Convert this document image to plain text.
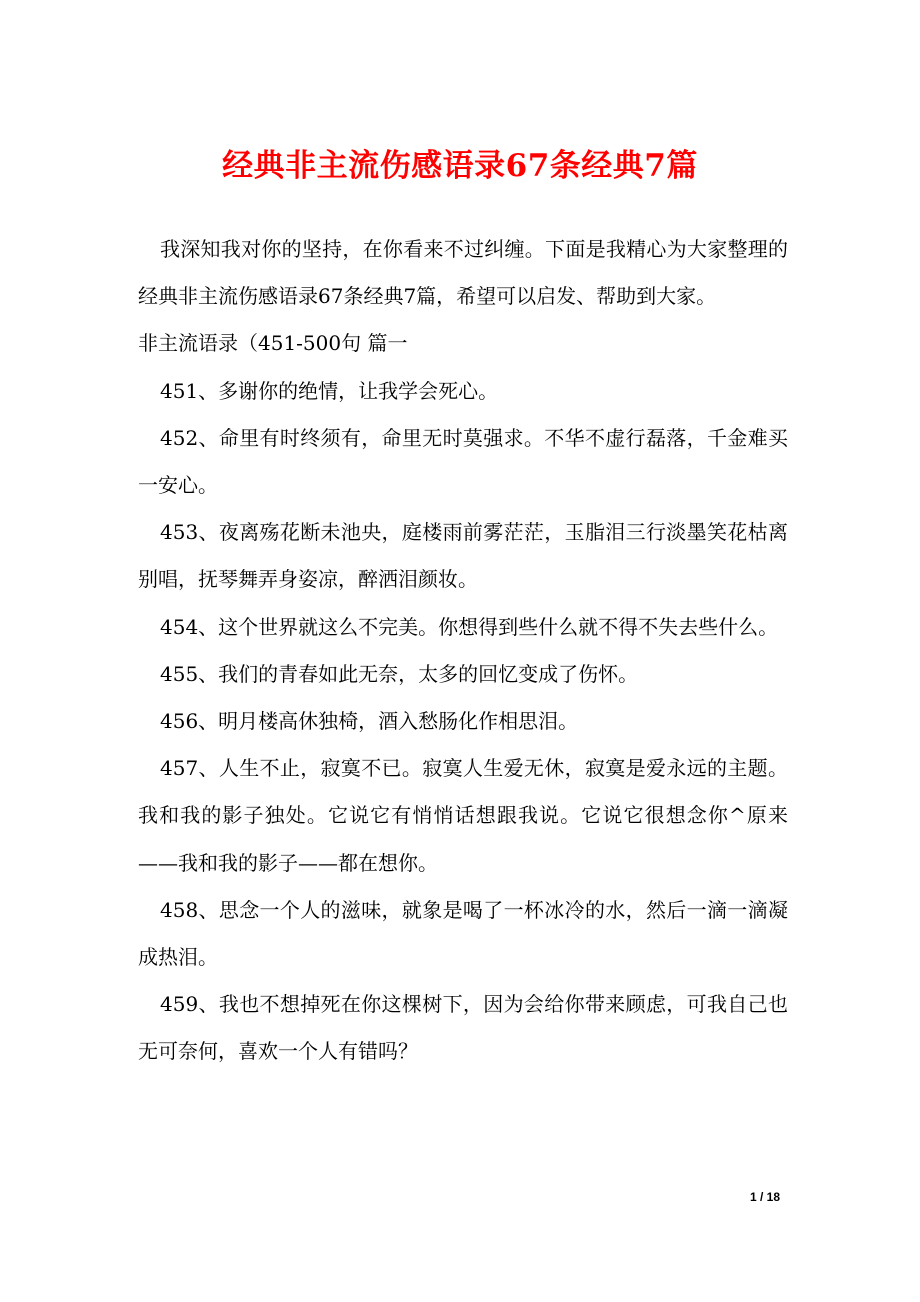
经典非主流伤感语录67条经典7篇

我深知我对你的坚持，在你看来不过纠缠。下面是我精心为大家整理的经典非主流伤感语录67条经典7篇，希望可以启发、帮助到大家。

非主流语录（451-500句 篇一

451、多谢你的绝情，让我学会死心。

452、命里有时终须有，命里无时莫强求。不华不虚行磊落，千金难买一安心。

453、夜离殇花断未池央，庭楼雨前雾茫茫，玉脂泪三行淡墨笑花枯离别唱，抚琴舞弄身姿凉，醉洒泪颜妆。

454、这个世界就这么不完美。你想得到些什么就不得不失去些什么。

455、我们的青春如此无奈，太多的回忆变成了伤怀。

456、明月楼高休独椅，酒入愁肠化作相思泪。

457、人生不止，寂寞不已。寂寞人生爱无休，寂寞是爱永远的主题。我和我的影子独处。它说它有悄悄话想跟我说。它说它很想念你^原来——我和我的影子——都在想你。

458、思念一个人的滋味，就象是喝了一杯冰冷的水，然后一滴一滴凝成热泪。

459、我也不想掉死在你这棵树下，因为会给你带来顾虑，可我自己也无可奈何，喜欢一个人有错吗？

1 / 18
